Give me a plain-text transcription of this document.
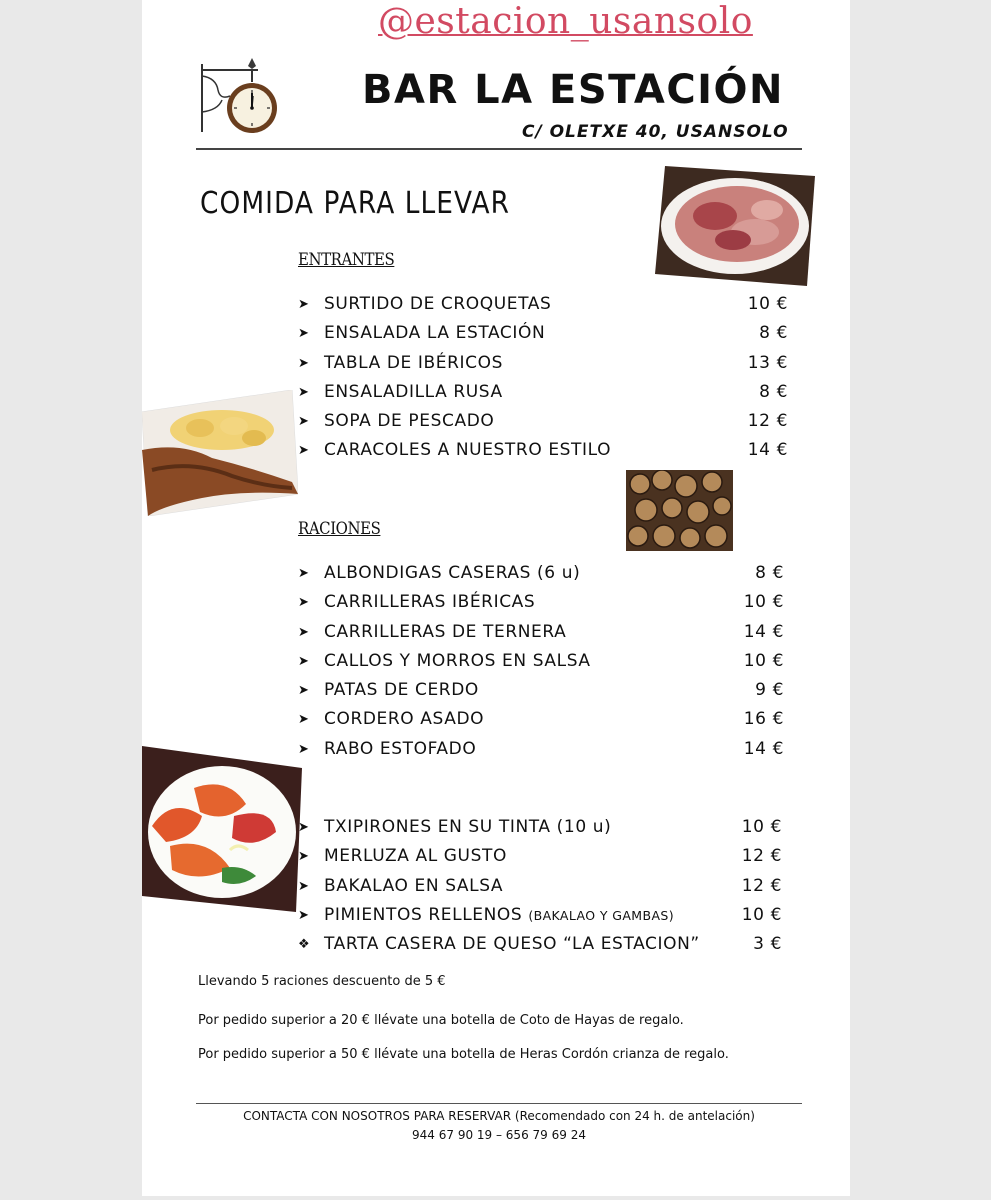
@estacion_usansolo
BAR LA ESTACIÓN
C/ OLETXE 40, USANSOLO
COMIDA PARA LLEVAR
ENTRANTES
➤ SURTIDO DE CROQUETAS	10 €
➤ ENSALADA LA ESTACIÓN	8 €
➤ TABLA DE IBÉRICOS	13 €
➤ ENSALADILLA RUSA	8 €
➤ SOPA DE PESCADO	12 €
➤ CARACOLES A NUESTRO ESTILO	14 €
RACIONES
➤ ALBONDIGAS CASERAS (6 u)	8 €
➤ CARRILLERAS IBÉRICAS	10 €
➤ CARRILLERAS DE TERNERA	14 €
➤ CALLOS Y MORROS EN SALSA	10 €
➤ PATAS DE CERDO	9 €
➤ CORDERO ASADO	16 €
➤ RABO ESTOFADO	14 €
➤ TXIPIRONES EN SU TINTA (10 u)	10 €
➤ MERLUZA AL GUSTO	12 €
➤ BAKALAO EN SALSA	12 €
➤ PIMIENTOS RELLENOS (BAKALAO Y GAMBAS)	10 €
❖ TARTA CASERA DE QUESO “LA ESTACION”	3 €
Llevando 5 raciones descuento de 5 €
Por pedido superior a 20 € llévate una botella de Coto de Hayas de regalo.
Por pedido superior a 50 € llévate una botella de Heras Cordón crianza de regalo.
CONTACTA CON NOSOTROS PARA RESERVAR (Recomendado con 24 h. de antelación)
944 67 90 19 – 656 79 69 24
